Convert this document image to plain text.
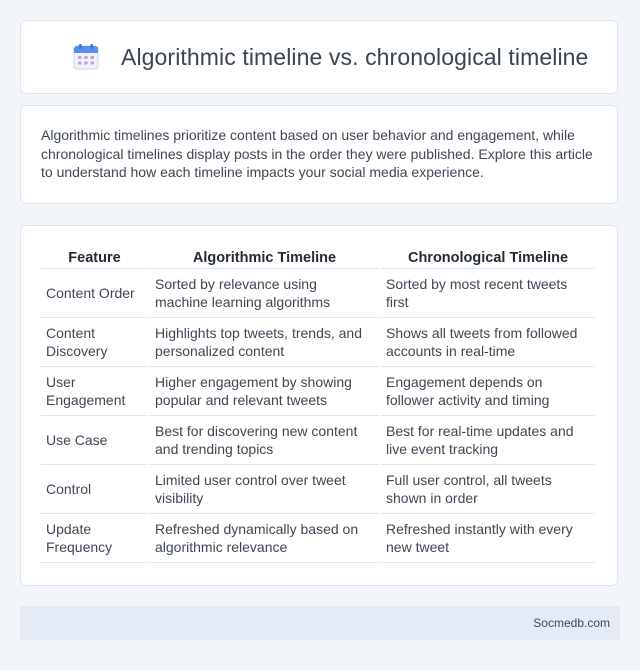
Algorithmic timeline vs. chronological timeline

Algorithmic timelines prioritize content based on user behavior and engagement, while chronological timelines display posts in the order they were published. Explore this article to understand how each timeline impacts your social media experience.

Feature	Algorithmic Timeline	Chronological Timeline
Content Order	Sorted by relevance using machine learning algorithms	Sorted by most recent tweets first
Content Discovery	Highlights top tweets, trends, and personalized content	Shows all tweets from followed accounts in real-time
User Engagement	Higher engagement by showing popular and relevant tweets	Engagement depends on follower activity and timing
Use Case	Best for discovering new content and trending topics	Best for real-time updates and live event tracking
Control	Limited user control over tweet visibility	Full user control, all tweets shown in order
Update Frequency	Refreshed dynamically based on algorithmic relevance	Refreshed instantly with every new tweet
Socmedb.com
